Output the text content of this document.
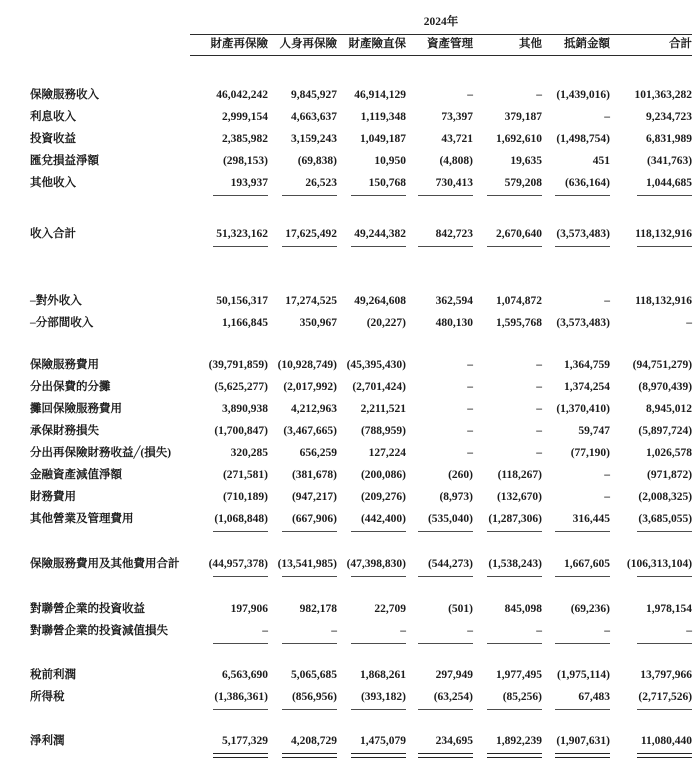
	2024年						
	財產再保險	人身再保險	財產險直保	資產管理	其他	抵銷金額	合計

保險服務收入	46,042,242	9,845,927	46,914,129	–	–	(1,439,016)	101,363,282
利息收入	2,999,154	4,663,637	1,119,348	73,397	379,187	–	9,234,723
投資收益	2,385,982	3,159,243	1,049,187	43,721	1,692,610	(1,498,754)	6,831,989
匯兌損益淨額	(298,153)	(69,838)	10,950	(4,808)	19,635	451	(341,763)
其他收入	193,937	26,523	150,768	730,413	579,208	(636,164)	1,044,685

收入合計	51,323,162	17,625,492	49,244,382	842,723	2,670,640	(3,573,483)	118,132,916

–對外收入	50,156,317	17,274,525	49,264,608	362,594	1,074,872	–	118,132,916
–分部間收入	1,166,845	350,967	(20,227)	480,130	1,595,768	(3,573,483)	–

保險服務費用	(39,791,859)	(10,928,749)	(45,395,430)	–	–	1,364,759	(94,751,279)
分出保費的分攤	(5,625,277)	(2,017,992)	(2,701,424)	–	–	1,374,254	(8,970,439)
攤回保險服務費用	3,890,938	4,212,963	2,211,521	–	–	(1,370,410)	8,945,012
承保財務損失	(1,700,847)	(3,467,665)	(788,959)	–	–	59,747	(5,897,724)
分出再保險財務收益╱(損失)	320,285	656,259	127,224	–	–	(77,190)	1,026,578
金融資產減值淨額	(271,581)	(381,678)	(200,086)	(260)	(118,267)	–	(971,872)
財務費用	(710,189)	(947,217)	(209,276)	(8,973)	(132,670)	–	(2,008,325)
其他營業及管理費用	(1,068,848)	(667,906)	(442,400)	(535,040)	(1,287,306)	316,445	(3,685,055)

保險服務費用及其他費用合計	(44,957,378)	(13,541,985)	(47,398,830)	(544,273)	(1,538,243)	1,667,605	(106,313,104)

對聯營企業的投資收益	197,906	982,178	22,709	(501)	845,098	(69,236)	1,978,154
對聯營企業的投資減值損失	–	–	–	–	–	–	–

稅前利潤	6,563,690	5,065,685	1,868,261	297,949	1,977,495	(1,975,114)	13,797,966
所得稅	(1,386,361)	(856,956)	(393,182)	(63,254)	(85,256)	67,483	(2,717,526)

淨利潤	5,177,329	4,208,729	1,475,079	234,695	1,892,239	(1,907,631)	11,080,440
